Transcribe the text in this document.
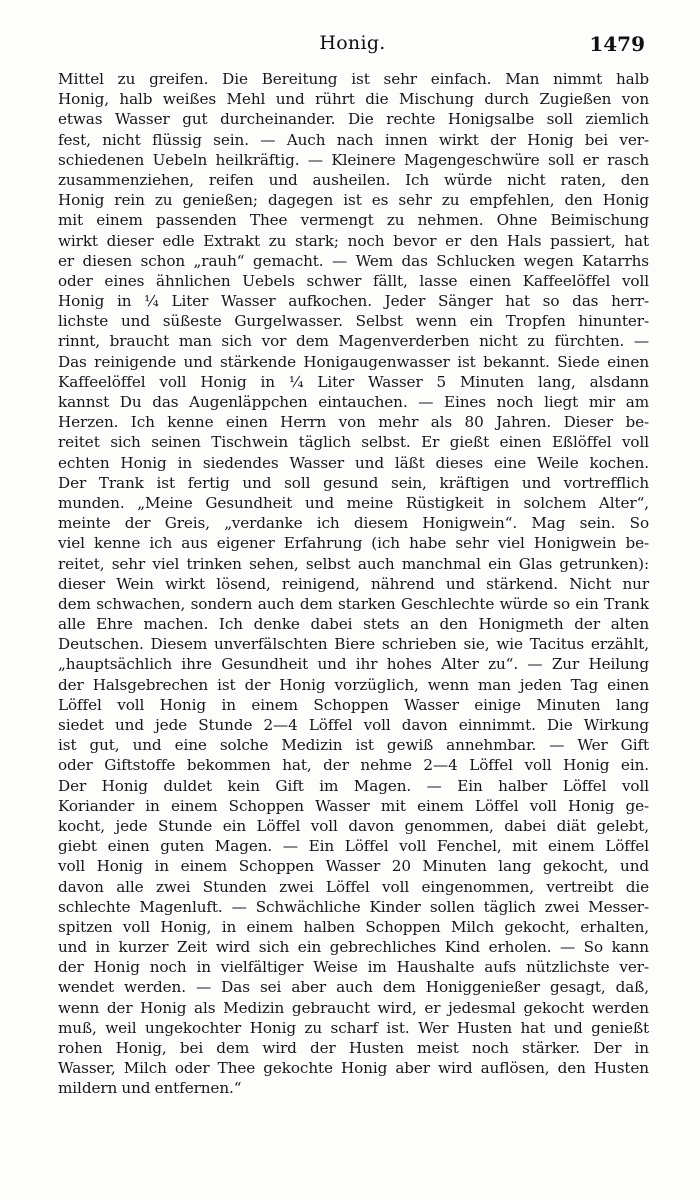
Honig.	1479
Mittel zu greifen. Die Bereitung ist sehr einfach. Man nimmt halb
Honig, halb weißes Mehl und rührt die Mischung durch Zugießen von
etwas Wasser gut durcheinander. Die rechte Honigsalbe soll ziemlich
fest, nicht flüssig sein. — Auch nach innen wirkt der Honig bei ver-
schiedenen Uebeln heilkräftig. — Kleinere Magengeschwüre soll er rasch
zusammenziehen, reifen und ausheilen. Ich würde nicht raten, den
Honig rein zu genießen; dagegen ist es sehr zu empfehlen, den Honig
mit einem passenden Thee vermengt zu nehmen. Ohne Beimischung
wirkt dieser edle Extrakt zu stark; noch bevor er den Hals passiert, hat
er diesen schon „rauh“ gemacht. — Wem das Schlucken wegen Katarrhs
oder eines ähnlichen Uebels schwer fällt, lasse einen Kaffeelöffel voll
Honig in ¼ Liter Wasser aufkochen. Jeder Sänger hat so das herr-
lichste und süßeste Gurgelwasser. Selbst wenn ein Tropfen hinunter-
rinnt, braucht man sich vor dem Magenverderben nicht zu fürchten. —
Das reinigende und stärkende Honigaugenwasser ist bekannt. Siede einen
Kaffeelöffel voll Honig in ¼ Liter Wasser 5 Minuten lang, alsdann
kannst Du das Augenläppchen eintauchen. — Eines noch liegt mir am
Herzen. Ich kenne einen Herrn von mehr als 80 Jahren. Dieser be-
reitet sich seinen Tischwein täglich selbst. Er gießt einen Eßlöffel voll
echten Honig in siedendes Wasser und läßt dieses eine Weile kochen.
Der Trank ist fertig und soll gesund sein, kräftigen und vortrefflich
munden. „Meine Gesundheit und meine Rüstigkeit in solchem Alter“,
meinte der Greis, „verdanke ich diesem Honigwein“. Mag sein. So
viel kenne ich aus eigener Erfahrung (ich habe sehr viel Honigwein be-
reitet, sehr viel trinken sehen, selbst auch manchmal ein Glas getrunken):
dieser Wein wirkt lösend, reinigend, nährend und stärkend. Nicht nur
dem schwachen, sondern auch dem starken Geschlechte würde so ein Trank
alle Ehre machen. Ich denke dabei stets an den Honigmeth der alten
Deutschen. Diesem unverfälschten Biere schrieben sie, wie Tacitus erzählt,
„hauptsächlich ihre Gesundheit und ihr hohes Alter zu“. — Zur Heilung
der Halsgebrechen ist der Honig vorzüglich, wenn man jeden Tag einen
Löffel voll Honig in einem Schoppen Wasser einige Minuten lang
siedet und jede Stunde 2—4 Löffel voll davon einnimmt. Die Wirkung
ist gut, und eine solche Medizin ist gewiß annehmbar. — Wer Gift
oder Giftstoffe bekommen hat, der nehme 2—4 Löffel voll Honig ein.
Der Honig duldet kein Gift im Magen. — Ein halber Löffel voll
Koriander in einem Schoppen Wasser mit einem Löffel voll Honig ge-
kocht, jede Stunde ein Löffel voll davon genommen, dabei diät gelebt,
giebt einen guten Magen. — Ein Löffel voll Fenchel, mit einem Löffel
voll Honig in einem Schoppen Wasser 20 Minuten lang gekocht, und
davon alle zwei Stunden zwei Löffel voll eingenommen, vertreibt die
schlechte Magenluft. — Schwächliche Kinder sollen täglich zwei Messer-
spitzen voll Honig, in einem halben Schoppen Milch gekocht, erhalten,
und in kurzer Zeit wird sich ein gebrechliches Kind erholen. — So kann
der Honig noch in vielfältiger Weise im Haushalte aufs nützlichste ver-
wendet werden. — Das sei aber auch dem Honiggenießer gesagt, daß,
wenn der Honig als Medizin gebraucht wird, er jedesmal gekocht werden
muß, weil ungekochter Honig zu scharf ist. Wer Husten hat und genießt
rohen Honig, bei dem wird der Husten meist noch stärker. Der in
Wasser, Milch oder Thee gekochte Honig aber wird auflösen, den Husten
mildern und entfernen.“
